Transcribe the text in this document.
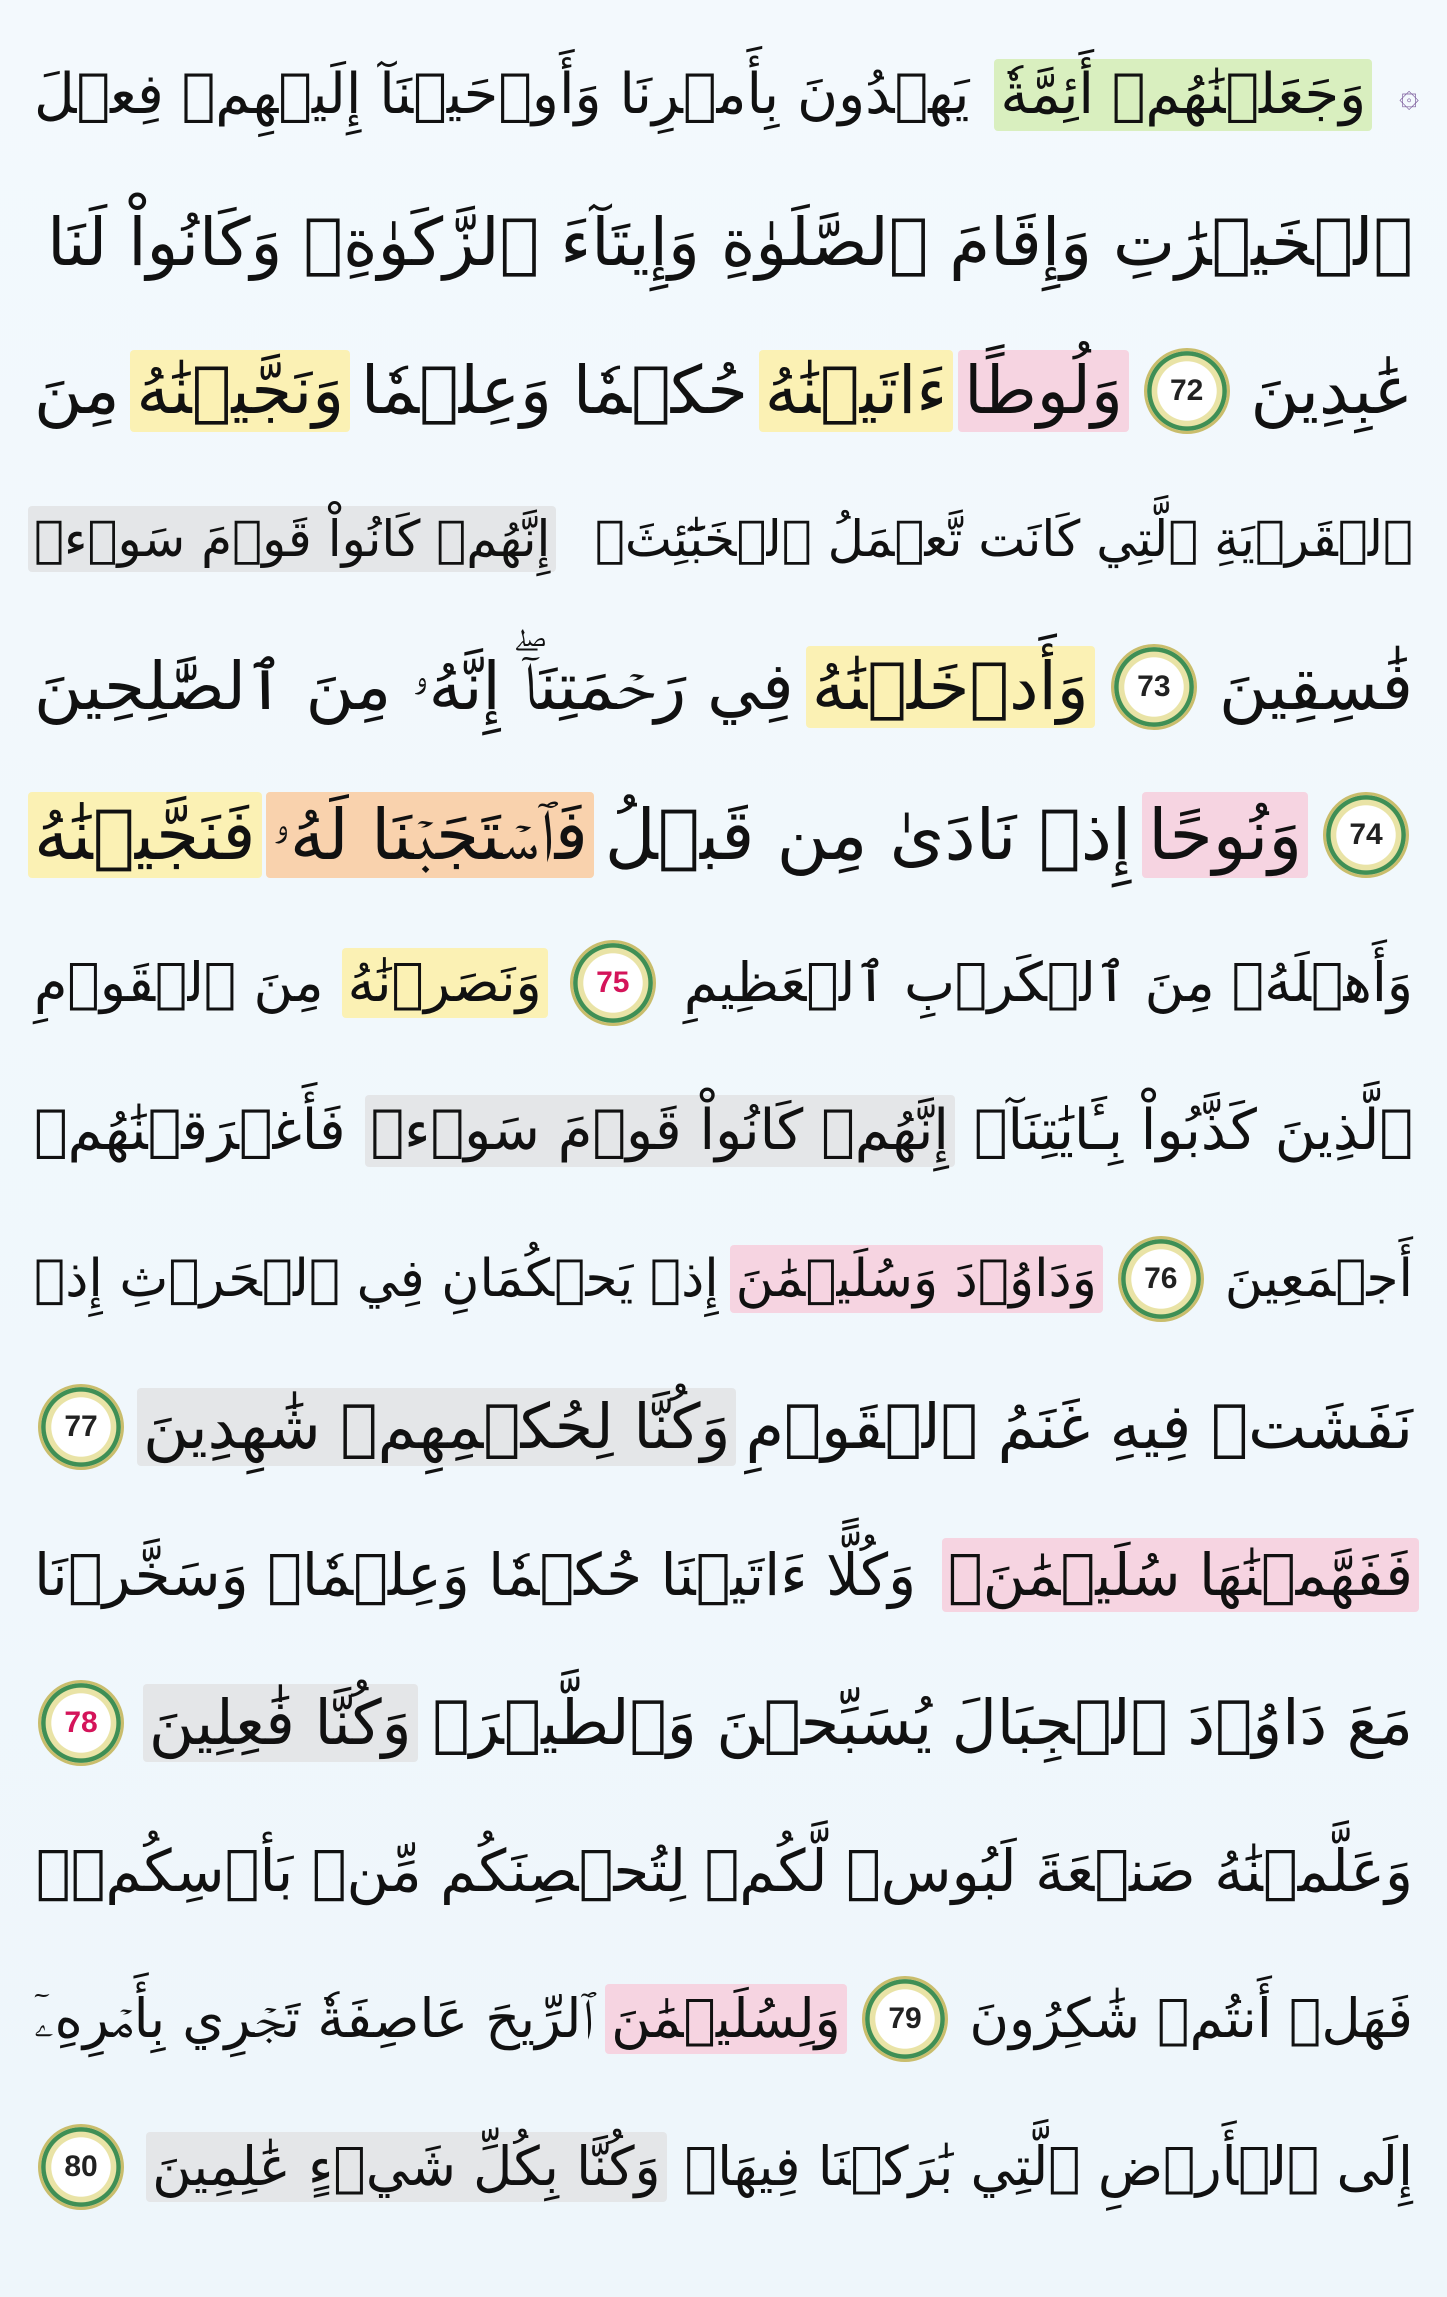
۞
وَجَعَلۡنَٰهُمۡ أَئِمَّةٗ
يَهۡدُونَ بِأَمۡرِنَا وَأَوۡحَيۡنَآ إِلَيۡهِمۡ فِعۡلَ
ٱلۡخَيۡرَٰتِ وَإِقَامَ ٱلصَّلَوٰةِ وَإِيتَآءَ ٱلزَّكَوٰةِۖ وَكَانُواْ لَنَا
عَٰبِدِينَ
72
وَلُوطًا
ءَاتَيۡنَٰهُ
حُكۡمٗا وَعِلۡمٗا
وَنَجَّيۡنَٰهُ
مِنَ
ٱلۡقَرۡيَةِ ٱلَّتِي كَانَت تَّعۡمَلُ ٱلۡخَبَٰٓئِثَۚ
إِنَّهُمۡ كَانُواْ قَوۡمَ سَوۡءٖ
فَٰسِقِينَ
73
وَأَدۡخَلۡنَٰهُ
فِي رَحۡمَتِنَآۖ إِنَّهُۥ مِنَ ٱلصَّٰلِحِينَ
74
وَنُوحًا
إِذۡ نَادَىٰ مِن قَبۡلُ
فَٱسۡتَجَبۡنَا لَهُۥ
فَنَجَّيۡنَٰهُ
وَأَهۡلَهُۥ مِنَ ٱلۡكَرۡبِ ٱلۡعَظِيمِ
75
وَنَصَرۡنَٰهُ
مِنَ ٱلۡقَوۡمِ
ٱلَّذِينَ كَذَّبُواْ بِـَٔايَٰتِنَآۚ
إِنَّهُمۡ كَانُواْ قَوۡمَ سَوۡءٖ
فَأَغۡرَقۡنَٰهُمۡ
أَجۡمَعِينَ
76
وَدَاوُۥدَ وَسُلَيۡمَٰنَ
إِذۡ يَحۡكُمَانِ فِي ٱلۡحَرۡثِ إِذۡ
نَفَشَتۡ فِيهِ غَنَمُ ٱلۡقَوۡمِ
وَكُنَّا لِحُكۡمِهِمۡ شَٰهِدِينَ
77
فَفَهَّمۡنَٰهَا سُلَيۡمَٰنَۚ
وَكُلًّا ءَاتَيۡنَا حُكۡمٗا وَعِلۡمٗاۚ وَسَخَّرۡنَا
مَعَ دَاوُۥدَ ٱلۡجِبَالَ يُسَبِّحۡنَ وَٱلطَّيۡرَۚ
وَكُنَّا فَٰعِلِينَ
78
وَعَلَّمۡنَٰهُ صَنۡعَةَ لَبُوسٖ لَّكُمۡ لِتُحۡصِنَكُم مِّنۢ بَأۡسِكُمۡۖ
فَهَلۡ أَنتُمۡ شَٰكِرُونَ
79
وَلِسُلَيۡمَٰنَ
ٱلرِّيحَ عَاصِفَةٗ تَجۡرِي بِأَمۡرِهِۦٓ
إِلَى ٱلۡأَرۡضِ ٱلَّتِي بَٰرَكۡنَا فِيهَاۚ
وَكُنَّا بِكُلِّ شَيۡءٍ عَٰلِمِينَ
80
